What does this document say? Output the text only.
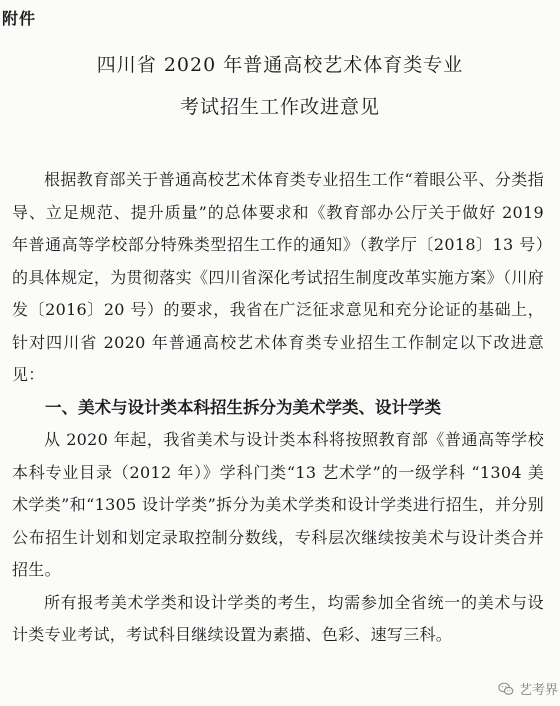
附件
四川省 2020 年普通高校艺术体育类专业
考试招生工作改进意见

根据教育部关于普通高校艺术体育类专业招生工作“着眼公平、分类指导、立足规范、提升质量”的总体要求和《教育部办公厅关于做好 2019 年普通高等学校部分特殊类型招生工作的通知》（教学厅〔2018〕13 号）的具体规定，为贯彻落实《四川省深化考试招生制度改革实施方案》（川府发〔2016〕20 号）的要求，我省在广泛征求意见和充分论证的基础上，针对四川省 2020 年普通高校艺术体育类专业招生工作制定以下改进意见：

一、美术与设计类本科招生拆分为美术学类、设计学类

从 2020 年起，我省美术与设计类本科将按照教育部《普通高等学校本科专业目录（2012 年）》学科门类“13 艺术学”的一级学科 “1304 美术学类”和“1305 设计学类”拆分为美术学类和设计学类进行招生，并分别公布招生计划和划定录取控制分数线，专科层次继续按美术与设计类合并招生。

所有报考美术学类和设计学类的考生，均需参加全省统一的美术与设计类专业考试，考试科目继续设置为素描、色彩、速写三科。

艺考界
